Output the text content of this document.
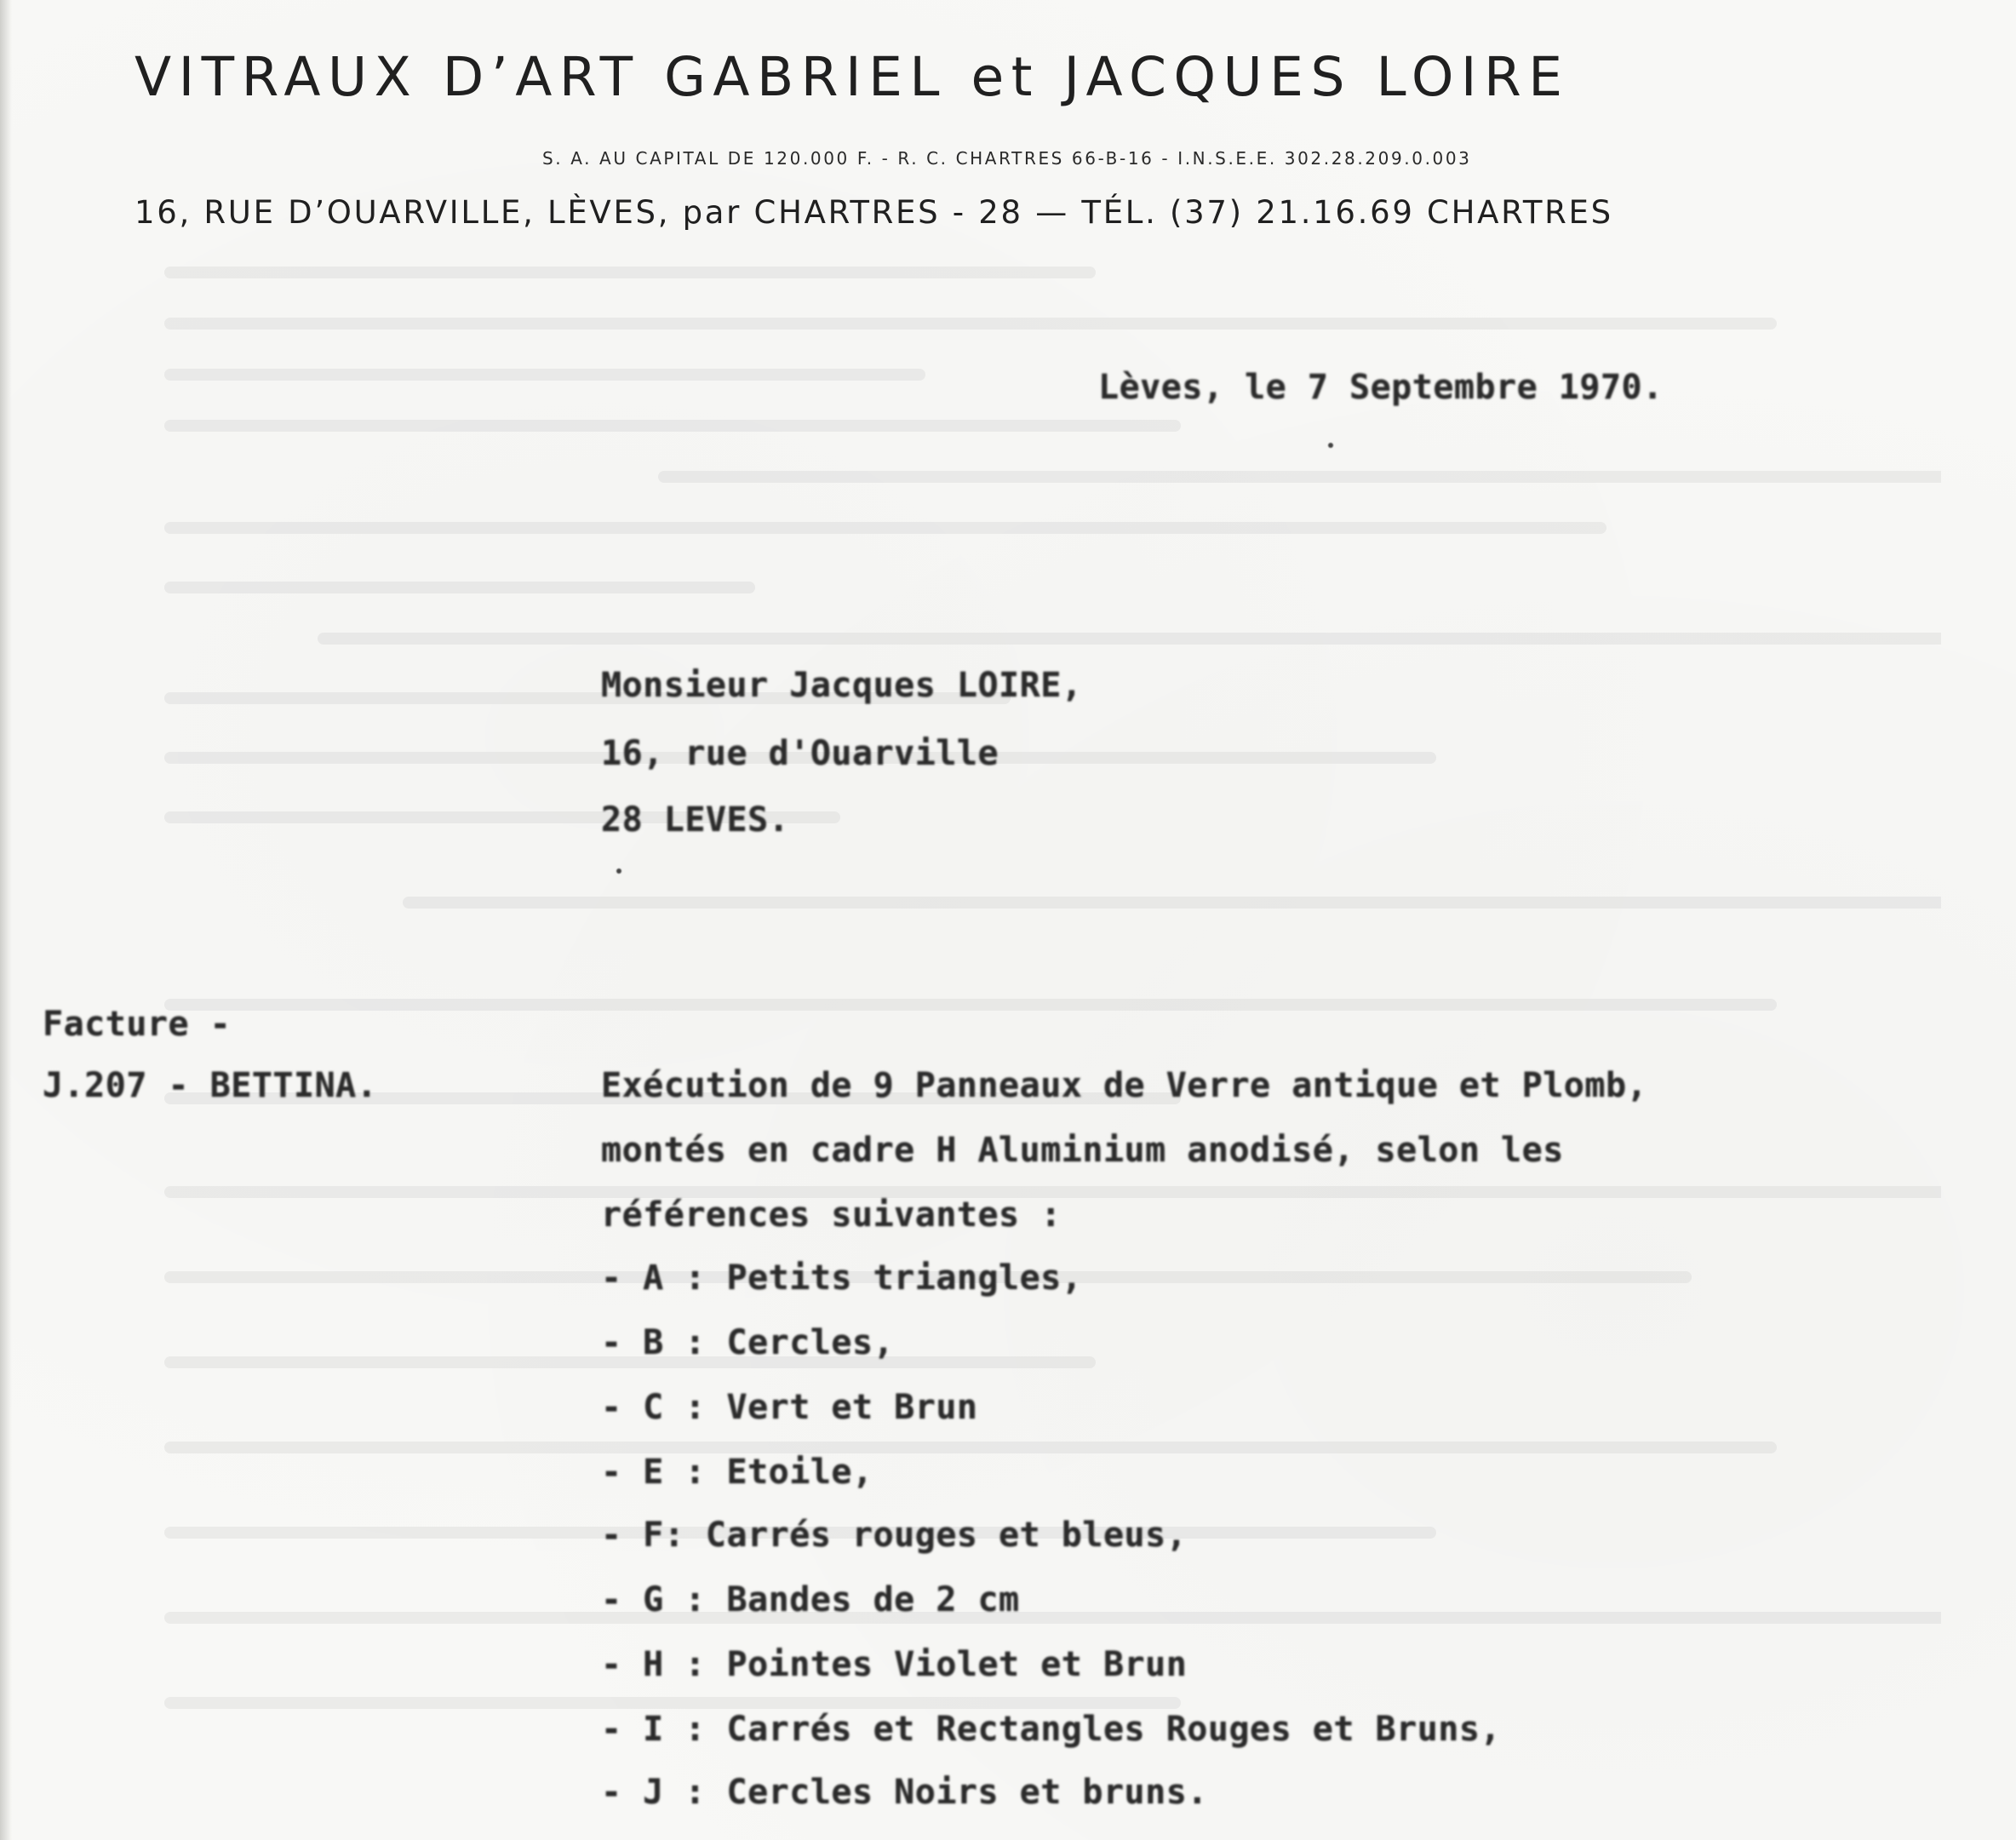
VITRAUX D’ART GABRIEL et JACQUES LOIRE
S. A. AU CAPITAL DE 120.000 F. - R. C. CHARTRES 66-B-16 - I.N.S.E.E. 302.28.209.0.003
16, RUE D’OUARVILLE, LÈVES, par CHARTRES - 28 — TÉL. (37) 21.16.69 CHARTRES
Lèves, le 7 Septembre 1970.
Monsieur Jacques LOIRE,
16, rue d'Ouarville
28 LEVES.
Facture -
J.207 - BETTINA.	Exécution de 9 Panneaux de Verre antique et Plomb,
montés en cadre H Aluminium anodisé, selon les
références suivantes :
- A : Petits triangles,
- B : Cercles,
- C : Vert et Brun
- E : Etoile,
- F: Carrés rouges et bleus,
- G : Bandes de 2 cm
- H : Pointes Violet et Brun
- I : Carrés et Rectangles Rouges et Bruns,
- J : Cercles Noirs et bruns.
